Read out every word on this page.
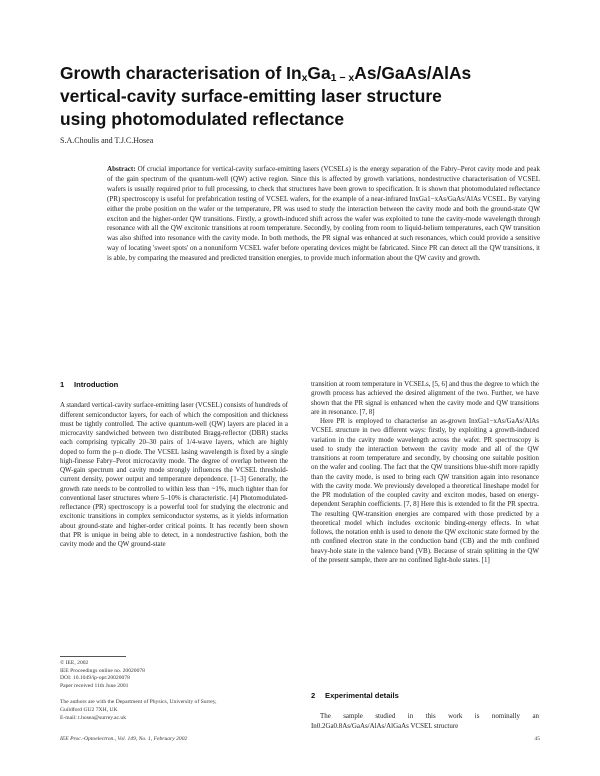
Growth characterisation of $In_xGa_{1 - x}As/GaAs$/AlAs
vertical-cavity surface-emitting laser structure
using photomodulated reflectance
S.A.Choulis and T.J.C.Hosea

Abstract: Of crucial importance for vertical-cavity surface-emitting lasers (VCSELs) is the energy separation of the Fabry–Perot cavity mode and peak of the gain spectrum of the quantum-well (QW) active region. Since this is affected by growth variations, nondestructive characterisation of VCSEL wafers is usually required prior to full processing, to check that structures have been grown to specification. It is shown that photomodulated reflectance (PR) spectroscopy is useful for prefabrication testing of VCSEL wafers, for the example of a near-infrared InxGa1−xAs/GaAs/AlAs VCSEL. By varying either the probe position on the wafer or the temperature, PR was used to study the interaction between the cavity mode and both the ground-state QW exciton and the higher-order QW transitions. Firstly, a growth-induced shift across the wafer was exploited to tune the cavity-mode wavelength through resonance with all the QW excitonic transitions at room temperature. Secondly, by cooling from room to liquid-helium temperatures, each QW transition was also shifted into resonance with the cavity mode. In both methods, the PR signal was enhanced at such resonances, which could provide a sensitive way of locating 'sweet spots' on a nonuniform VCSEL wafer before operating devices might be fabricated. Since PR can detect all the QW transitions, it is able, by comparing the measured and predicted transition energies, to provide much information about the QW cavity and growth.

1 Introduction

A standard vertical-cavity surface-emitting laser (VCSEL) consists of hundreds of different semiconductor layers, for each of which the composition and thickness must be tightly controlled. The active quantum-well (QW) layers are placed in a microcavity sandwiched between two distributed Bragg-reflector (DBR) stacks each comprising typically 20–30 pairs of 1/4-wave layers, which are highly doped to form the p–n diode. The VCSEL lasing wavelength is fixed by a single high-finesse Fabry–Perot microcavity mode. The degree of overlap between the QW-gain spectrum and cavity mode strongly influences the VCSEL threshold-current density, power output and temperature dependence. [1–3] Generally, the growth rate needs to be controlled to within less than ~1%, much tighter than for conventional laser structures where 5–10% is characteristic. [4] Photomodulated-reflectance (PR) spectroscopy is a powerful tool for studying the electronic and excitonic transitions in complex semiconductor systems, as it yields information about ground-state and higher-order critical points. It has recently been shown that PR is unique in being able to detect, in a nondestructive fashion, both the cavity mode and the QW ground-state

transition at room temperature in VCSELs, [5, 6] and thus the degree to which the growth process has achieved the desired alignment of the two. Further, we have shown that the PR signal is enhanced when the cavity mode and QW transitions are in resonance. [7, 8]

Here PR is employed to characterise an as-grown InxGa1−xAs/GaAs/AlAs VCSEL structure in two different ways: firstly, by exploiting a growth-induced variation in the cavity mode wavelength across the wafer. PR spectroscopy is used to study the interaction between the cavity mode and all of the QW transitions at room temperature and secondly, by choosing one suitable position on the wafer and cooling. The fact that the QW transitions blue-shift more rapidly than the cavity mode, is used to bring each QW transition again into resonance with the cavity mode. We previously developed a theoretical lineshape model for the PR modulation of the coupled cavity and exciton modes, based on energy-dependent Seraphin coefficients. [7, 8] Here this is extended to fit the PR spectra. The resulting QW-transition energies are compared with those predicted by a theoretical model which includes excitonic binding-energy effects. In what follows, the notation enhh is used to denote the QW excitonic state formed by the nth confined electron state in the conduction band (CB) and the mth confined heavy-hole state in the valence band (VB). Because of strain splitting in the QW of the present sample, there are no confined light-hole states. [1]

2 Experimental details

The sample studied in this work is nominally an In0.2Ga0.8As/GaAs/AlAs/AlGaAs VCSEL structure

© IEE, 2002
IEE Proceedings online no. 20020078
DOI: 10.1049/ip-opt:20020078
Paper received 11th June 2001
The authors are with the Department of Physics, University of Surrey,
Guildford GU2 7XH, UK
E-mail: t.hosea@surrey.ac.uk
IEE Proc.-Optoelectron., Vol. 149, No. 1, February 2002	45
